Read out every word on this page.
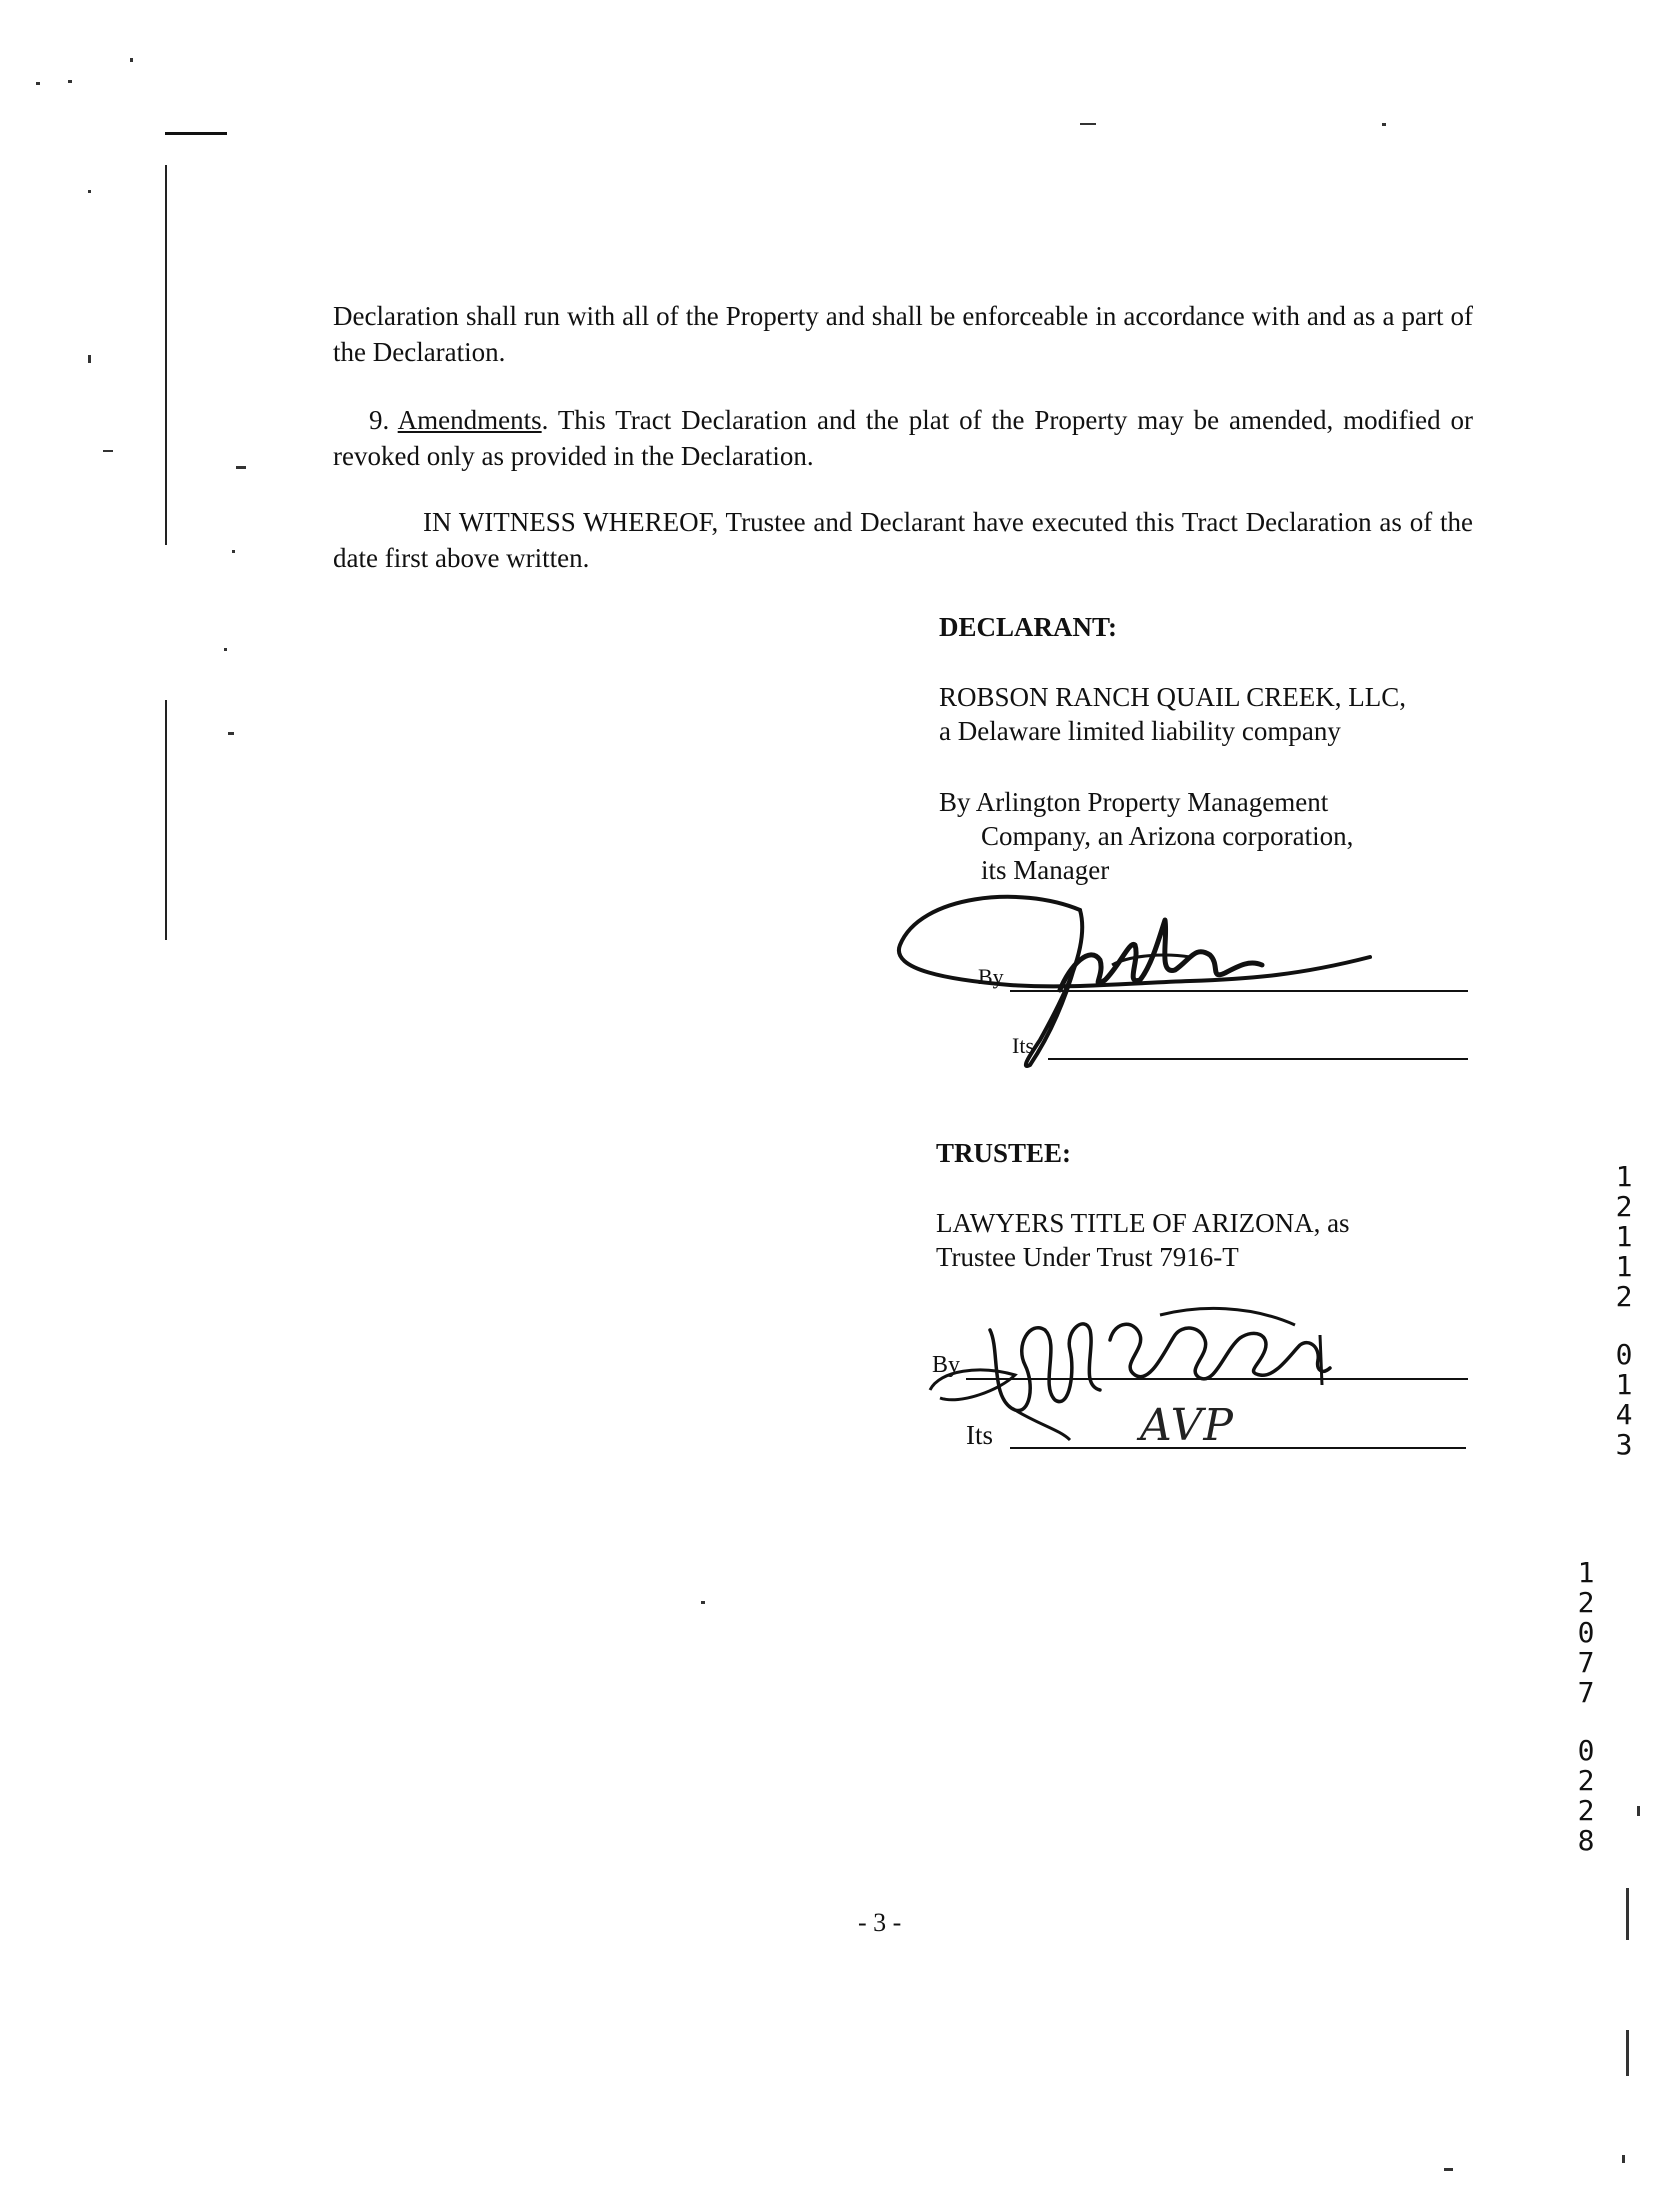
Declaration shall run with all of the Property and shall be enforceable in accordance with and as a part of the Declaration.
9. Amendments. This Tract Declaration and the plat of the Property may be amended, modified or revoked only as provided in the Declaration.
IN WITNESS WHEREOF, Trustee and Declarant have executed this Tract Declaration as of the date first above written.
DECLARANT:
ROBSON RANCH QUAIL CREEK, LLC,
a Delaware limited liability company
By Arlington Property Management
Company, an Arizona corporation,
its Manager
By
Its
TRUSTEE:
LAWYERS TITLE OF ARIZONA, as
Trustee Under Trust 7916-T
By
Its	AVP
- 3 -
1
2
1
1
2
0
1
4
3
1
2
0
7
7
0
2
2
8
